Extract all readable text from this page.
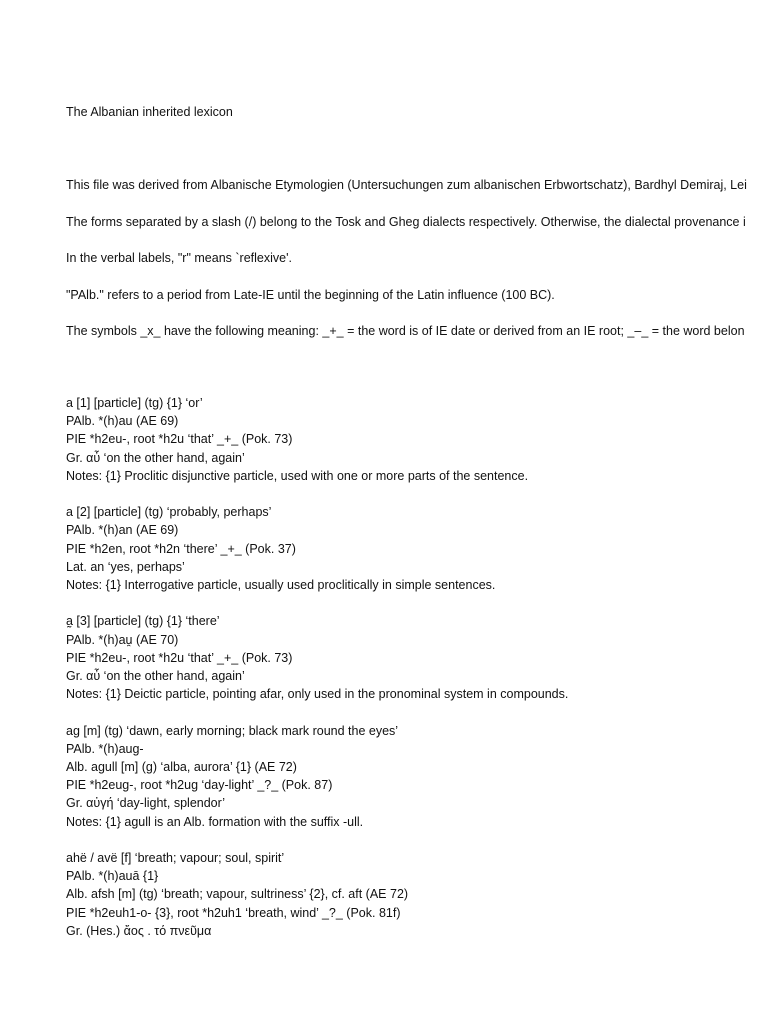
The Albanian inherited lexicon

This file was derived from Albanische Etymologien (Untersuchungen zum albanischen Erbwortschatz), Bardhyl Demiraj, Lei

The forms separated by a slash (/) belong to the Tosk and Gheg dialects respectively. Otherwise, the dialectal provenance i

In the verbal labels, "r" means `reflexive'.

"PAlb." refers to a period from Late-IE until the beginning of the Latin influence (100 BC).

The symbols _x_ have the following meaning: _+_ = the word is of IE date or derived from an IE root; _–_ = the word belon

a [1] [particle] (tg) {1} ‘or’
PAlb. *(h)au (AE 69)
PIE *h2eu-, root *h2u ‘that’ _+_ (Pok. 73)
Gr. αὖ ‘on the other hand, again’
Notes: {1} Proclitic disjunctive particle, used with one or more parts of the sentence.
a [2] [particle] (tg) ‘probably, perhaps’
PAlb. *(h)an (AE 69)
PIE *h2en, root *h2n ‘there’ _+_ (Pok. 37)
Lat. an ‘yes, perhaps’
Notes: {1} Interrogative particle, usually used proclitically in simple sentences.
a̰ [3] [particle] (tg) {1} ‘there’
PAlb. *(h)au̯ (AE 70)
PIE *h2eu-, root *h2u ‘that’ _+_ (Pok. 73)
Gr. αὖ ‘on the other hand, again’
Notes: {1} Deictic particle, pointing afar, only used in the pronominal system in compounds.
ag [m] (tg) ‘dawn, early morning; black mark round the eyes’
PAlb. *(h)aug-
Alb. agull [m] (g) ‘alba, aurora’ {1} (AE 72)
PIE *h2eug-, root *h2ug ‘day-light’ _?_ (Pok. 87)
Gr. αὐγή ‘day-light, splendor’
Notes: {1} agull is an Alb. formation with the suffix -ull.
ahë / avë [f] ‘breath; vapour; soul, spirit’
PAlb. *(h)auā {1}
Alb. afsh [m] (tg) ‘breath; vapour, sultriness’ {2}, cf. aft (AE 72)
PIE *h2euh1-o- {3}, root *h2uh1 ‘breath, wind’ _?_ (Pok. 81f)
Gr. (Hes.) ἄος . τό πνεῦμα
